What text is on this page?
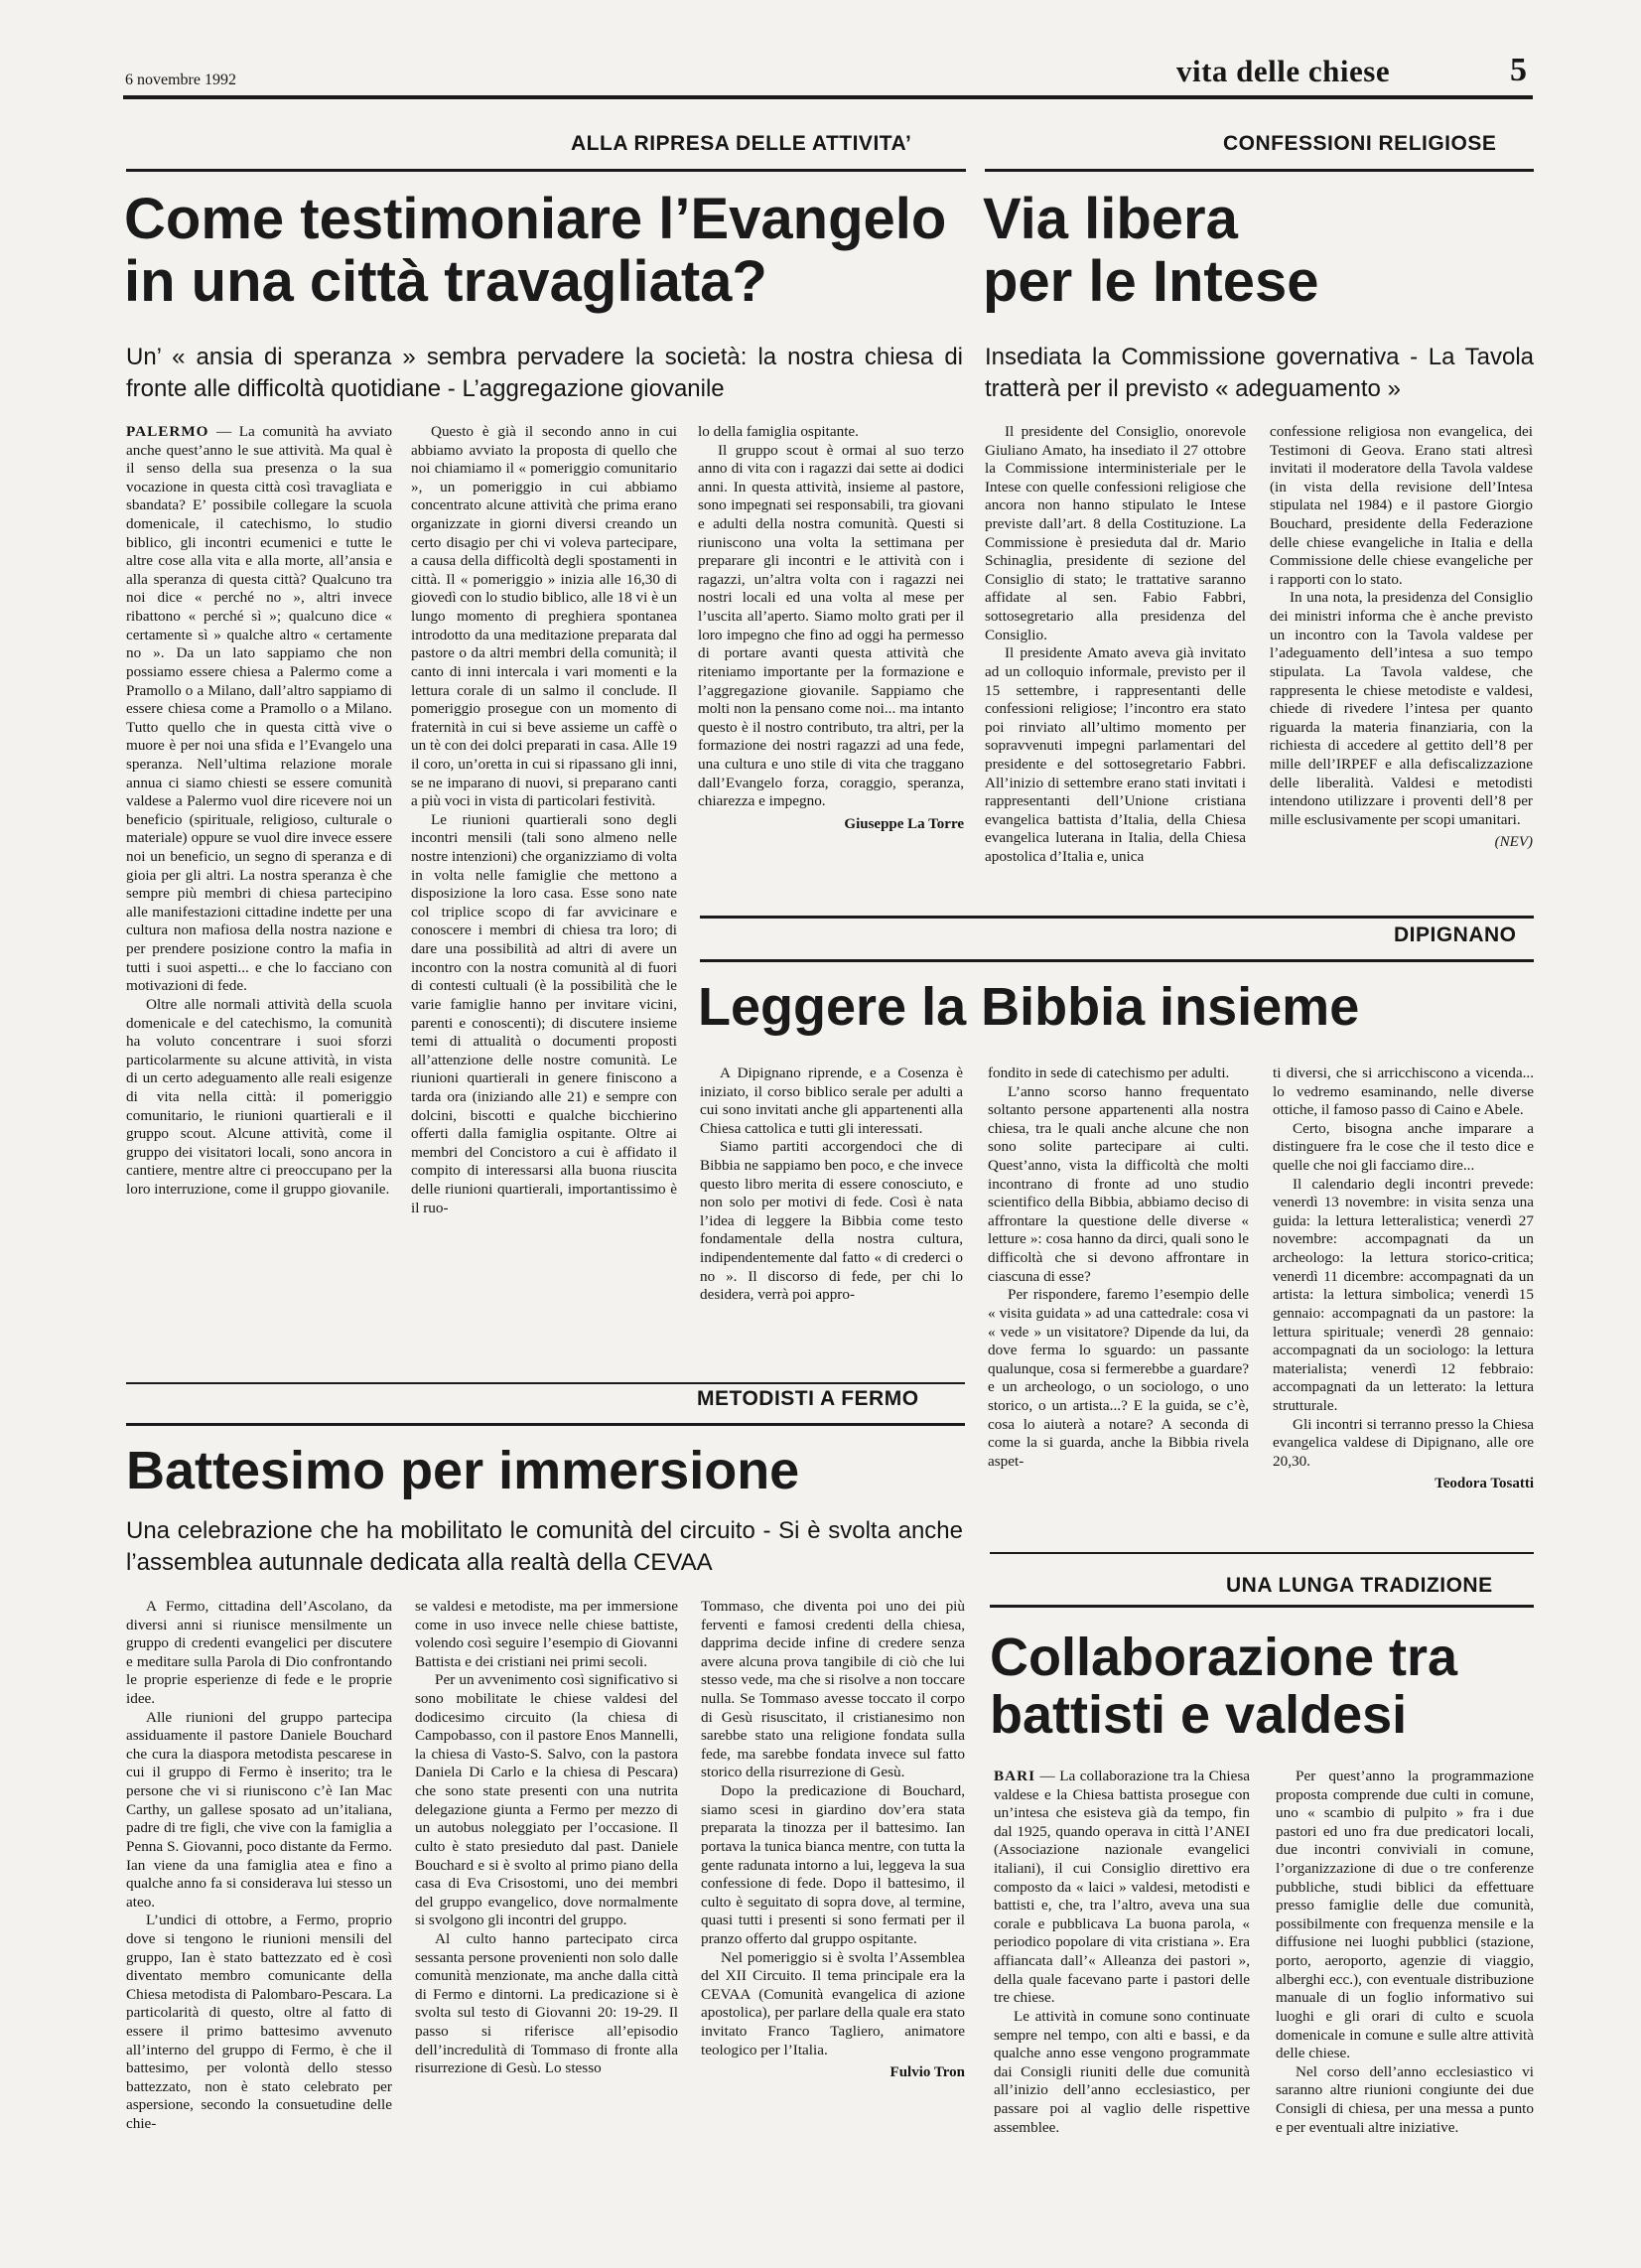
6 novembre 1992	vita delle chiese	5
ALLA RIPRESA DELLE ATTIVITA’
Come testimoniare l’Evangelo
in una città travagliata?
Un’ « ansia di speranza » sembra pervadere la società: la nostra chiesa di fronte alle difficoltà quotidiane - L’aggregazione giovanile

PALERMO — La comunità ha avviato anche quest’anno le sue attività. Ma qual è il senso della sua presenza o la sua vocazione in questa città così travagliata e sbandata? E’ possibile collegare la scuola domenicale, il catechismo, lo studio biblico, gli incontri ecumenici e tutte le altre cose alla vita e alla morte, all’ansia e alla speranza di questa città? Qualcuno tra noi dice « perché no », altri invece ribattono « perché sì »; qualcuno dice « certamente sì » qualche altro « certamente no ». Da un lato sappiamo che non possiamo essere chiesa a Palermo come a Pramollo o a Milano, dall’altro sappiamo di essere chiesa come a Pramollo o a Milano. Tutto quello che in questa città vive o muore è per noi una sfida e l’Evangelo una speranza. Nell’ultima relazione morale annua ci siamo chiesti se essere comunità valdese a Palermo vuol dire ricevere noi un beneficio (spirituale, religioso, culturale o materiale) oppure se vuol dire invece essere noi un beneficio, un segno di speranza e di gioia per gli altri. La nostra speranza è che sempre più membri di chiesa partecipino alle manifestazioni cittadine indette per una cultura non mafiosa della nostra nazione e per prendere posizione contro la mafia in tutti i suoi aspetti... e che lo facciano con motivazioni di fede.

Oltre alle normali attività della scuola domenicale e del catechismo, la comunità ha voluto concentrare i suoi sforzi particolarmente su alcune attività, in vista di un certo adeguamento alle reali esigenze di vita nella città: il pomeriggio comunitario, le riunioni quartierali e il gruppo scout. Alcune attività, come il gruppo dei visitatori locali, sono ancora in cantiere, mentre altre ci preoccupano per la loro interruzione, come il gruppo giovanile.

Questo è già il secondo anno in cui abbiamo avviato la proposta di quello che noi chiamiamo il « pomeriggio comunitario », un pomeriggio in cui abbiamo concentrato alcune attività che prima erano organizzate in giorni diversi creando un certo disagio per chi vi voleva partecipare, a causa della difficoltà degli spostamenti in città. Il « pomeriggio » inizia alle 16,30 di giovedì con lo studio biblico, alle 18 vi è un lungo momento di preghiera spontanea introdotto da una meditazione preparata dal pastore o da altri membri della comunità; il canto di inni intercala i vari momenti e la lettura corale di un salmo il conclude. Il pomeriggio prosegue con un momento di fraternità in cui si beve assieme un caffè o un tè con dei dolci preparati in casa. Alle 19 il coro, un’oretta in cui si ripassano gli inni, se ne imparano di nuovi, si preparano canti a più voci in vista di particolari festività.

Le riunioni quartierali sono degli incontri mensili (tali sono almeno nelle nostre intenzioni) che organizziamo di volta in volta nelle famiglie che mettono a disposizione la loro casa. Esse sono nate col triplice scopo di far avvicinare e conoscere i membri di chiesa tra loro; di dare una possibilità ad altri di avere un incontro con la nostra comunità al di fuori di contesti cultuali (è la possibilità che le varie famiglie hanno per invitare vicini, parenti e conoscenti); di discutere insieme temi di attualità o documenti proposti all’attenzione delle nostre comunità. Le riunioni quartierali in genere finiscono a tarda ora (iniziando alle 21) e sempre con dolcini, biscotti e qualche bicchierino offerti dalla famiglia ospitante. Oltre ai membri del Concistoro a cui è affidato il compito di interessarsi alla buona riuscita delle riunioni quartierali, importantissimo è il ruo-

lo della famiglia ospitante.

Il gruppo scout è ormai al suo terzo anno di vita con i ragazzi dai sette ai dodici anni. In questa attività, insieme al pastore, sono impegnati sei responsabili, tra giovani e adulti della nostra comunità. Questi si riuniscono una volta la settimana per preparare gli incontri e le attività con i ragazzi, un’altra volta con i ragazzi nei nostri locali ed una volta al mese per l’uscita all’aperto. Siamo molto grati per il loro impegno che fino ad oggi ha permesso di portare avanti questa attività che riteniamo importante per la formazione e l’aggregazione giovanile. Sappiamo che molti non la pensano come noi... ma intanto questo è il nostro contributo, tra altri, per la formazione dei nostri ragazzi ad una fede, una cultura e uno stile di vita che traggano dall’Evangelo forza, coraggio, speranza, chiarezza e impegno.

Giuseppe La Torre
CONFESSIONI RELIGIOSE
Via libera
per le Intese
Insediata la Commissione governativa - La Tavola tratterà per il previsto « adeguamento »

Il presidente del Consiglio, onorevole Giuliano Amato, ha insediato il 27 ottobre la Commissione interministeriale per le Intese con quelle confessioni religiose che ancora non hanno stipulato le Intese previste dall’art. 8 della Costituzione. La Commissione è presieduta dal dr. Mario Schinaglia, presidente di sezione del Consiglio di stato; le trattative saranno affidate al sen. Fabio Fabbri, sottosegretario alla presidenza del Consiglio.

Il presidente Amato aveva già invitato ad un colloquio informale, previsto per il 15 settembre, i rappresentanti delle confessioni religiose; l’incontro era stato poi rinviato all’ultimo momento per sopravvenuti impegni parlamentari del presidente e del sottosegretario Fabbri. All’inizio di settembre erano stati invitati i rappresentanti dell’Unione cristiana evangelica battista d’Italia, della Chiesa evangelica luterana in Italia, della Chiesa apostolica d’Italia e, unica

confessione religiosa non evangelica, dei Testimoni di Geova. Erano stati altresì invitati il moderatore della Tavola valdese (in vista della revisione dell’Intesa stipulata nel 1984) e il pastore Giorgio Bouchard, presidente della Federazione delle chiese evangeliche in Italia e della Commissione delle chiese evangeliche per i rapporti con lo stato.

In una nota, la presidenza del Consiglio dei ministri informa che è anche previsto un incontro con la Tavola valdese per l’adeguamento dell’intesa a suo tempo stipulata. La Tavola valdese, che rappresenta le chiese metodiste e valdesi, chiede di rivedere l’intesa per quanto riguarda la materia finanziaria, con la richiesta di accedere al gettito dell’8 per mille dell’IRPEF e alla defiscalizzazione delle liberalità. Valdesi e metodisti intendono utilizzare i proventi dell’8 per mille esclusivamente per scopi umanitari.

(NEV)
DIPIGNANO
Leggere la Bibbia insieme

A Dipignano riprende, e a Cosenza è iniziato, il corso biblico serale per adulti a cui sono invitati anche gli appartenenti alla Chiesa cattolica e tutti gli interessati.

Siamo partiti accorgendoci che di Bibbia ne sappiamo ben poco, e che invece questo libro merita di essere conosciuto, e non solo per motivi di fede. Così è nata l’idea di leggere la Bibbia come testo fondamentale della nostra cultura, indipendentemente dal fatto « di crederci o no ». Il discorso di fede, per chi lo desidera, verrà poi appro-

fondito in sede di catechismo per adulti.

L’anno scorso hanno frequentato soltanto persone appartenenti alla nostra chiesa, tra le quali anche alcune che non sono solite partecipare ai culti. Quest’anno, vista la difficoltà che molti incontrano di fronte ad uno studio scientifico della Bibbia, abbiamo deciso di affrontare la questione delle diverse « letture »: cosa hanno da dirci, quali sono le difficoltà che si devono affrontare in ciascuna di esse?

Per rispondere, faremo l’esempio delle « visita guidata » ad una cattedrale: cosa vi « vede » un visitatore? Dipende da lui, da dove ferma lo sguardo: un passante qualunque, cosa si fermerebbe a guardare? e un archeologo, o un sociologo, o uno storico, o un artista...? E la guida, se c’è, cosa lo aiuterà a notare? A seconda di come la si guarda, anche la Bibbia rivela aspet-

ti diversi, che si arricchiscono a vicenda... lo vedremo esaminando, nelle diverse ottiche, il famoso passo di Caino e Abele.

Certo, bisogna anche imparare a distinguere fra le cose che il testo dice e quelle che noi gli facciamo dire...

Il calendario degli incontri prevede: venerdì 13 novembre: in visita senza una guida: la lettura letteralistica; venerdì 27 novembre: accompagnati da un archeologo: la lettura storico-critica; venerdì 11 dicembre: accompagnati da un artista: la lettura simbolica; venerdì 15 gennaio: accompagnati da un pastore: la lettura spirituale; venerdì 28 gennaio: accompagnati da un sociologo: la lettura materialista; venerdì 12 febbraio: accompagnati da un letterato: la lettura strutturale.

Gli incontri si terranno presso la Chiesa evangelica valdese di Dipignano, alle ore 20,30.

Teodora Tosatti
METODISTI A FERMO
Battesimo per immersione
Una celebrazione che ha mobilitato le comunità del circuito - Si è svolta anche l’assemblea autunnale dedicata alla realtà della CEVAA

A Fermo, cittadina dell’Ascolano, da diversi anni si riunisce mensilmente un gruppo di credenti evangelici per discutere e meditare sulla Parola di Dio confrontando le proprie esperienze di fede e le proprie idee.

Alle riunioni del gruppo partecipa assiduamente il pastore Daniele Bouchard che cura la diaspora metodista pescarese in cui il gruppo di Fermo è inserito; tra le persone che vi si riuniscono c’è Ian Mac Carthy, un gallese sposato ad un’italiana, padre di tre figli, che vive con la famiglia a Penna S. Giovanni, poco distante da Fermo. Ian viene da una famiglia atea e fino a qualche anno fa si considerava lui stesso un ateo.

L’undici di ottobre, a Fermo, proprio dove si tengono le riunioni mensili del gruppo, Ian è stato battezzato ed è così diventato membro comunicante della Chiesa metodista di Palombaro-Pescara. La particolarità di questo, oltre al fatto di essere il primo battesimo avvenuto all’interno del gruppo di Fermo, è che il battesimo, per volontà dello stesso battezzato, non è stato celebrato per aspersione, secondo la consuetudine delle chie-

se valdesi e metodiste, ma per immersione come in uso invece nelle chiese battiste, volendo così seguire l’esempio di Giovanni Battista e dei cristiani nei primi secoli.

Per un avvenimento così significativo si sono mobilitate le chiese valdesi del dodicesimo circuito (la chiesa di Campobasso, con il pastore Enos Mannelli, la chiesa di Vasto-S. Salvo, con la pastora Daniela Di Carlo e la chiesa di Pescara) che sono state presenti con una nutrita delegazione giunta a Fermo per mezzo di un autobus noleggiato per l’occasione. Il culto è stato presieduto dal past. Daniele Bouchard e si è svolto al primo piano della casa di Eva Crisostomi, uno dei membri del gruppo evangelico, dove normalmente si svolgono gli incontri del gruppo.

Al culto hanno partecipato circa sessanta persone provenienti non solo dalle comunità menzionate, ma anche dalla città di Fermo e dintorni. La predicazione si è svolta sul testo di Giovanni 20: 19-29. Il passo si riferisce all’episodio dell’incredulità di Tommaso di fronte alla risurrezione di Gesù. Lo stesso

Tommaso, che diventa poi uno dei più ferventi e famosi credenti della chiesa, dapprima decide infine di credere senza avere alcuna prova tangibile di ciò che lui stesso vede, ma che si risolve a non toccare nulla. Se Tommaso avesse toccato il corpo di Gesù risuscitato, il cristianesimo non sarebbe stato una religione fondata sulla fede, ma sarebbe fondata invece sul fatto storico della risurrezione di Gesù.

Dopo la predicazione di Bouchard, siamo scesi in giardino dov’era stata preparata la tinozza per il battesimo. Ian portava la tunica bianca mentre, con tutta la gente radunata intorno a lui, leggeva la sua confessione di fede. Dopo il battesimo, il culto è seguitato di sopra dove, al termine, quasi tutti i presenti si sono fermati per il pranzo offerto dal gruppo ospitante.

Nel pomeriggio si è svolta l’Assemblea del XII Circuito. Il tema principale era la CEVAA (Comunità evangelica di azione apostolica), per parlare della quale era stato invitato Franco Tagliero, animatore teologico per l’Italia.

Fulvio Tron
UNA LUNGA TRADIZIONE
Collaborazione tra
battisti e valdesi

BARI — La collaborazione tra la Chiesa valdese e la Chiesa battista prosegue con un’intesa che esisteva già da tempo, fin dal 1925, quando operava in città l’ANEI (Associazione nazionale evangelici italiani), il cui Consiglio direttivo era composto da « laici » valdesi, metodisti e battisti e, che, tra l’altro, aveva una sua corale e pubblicava La buona parola, « periodico popolare di vita cristiana ». Era affiancata dall’« Alleanza dei pastori », della quale facevano parte i pastori delle tre chiese.

Le attività in comune sono continuate sempre nel tempo, con alti e bassi, e da qualche anno esse vengono programmate dai Consigli riuniti delle due comunità all’inizio dell’anno ecclesiastico, per passare poi al vaglio delle rispettive assemblee.

Per quest’anno la programmazione proposta comprende due culti in comune, uno « scambio di pulpito » fra i due pastori ed uno fra due predicatori locali, due incontri conviviali in comune, l’organizzazione di due o tre conferenze pubbliche, studi biblici da effettuare presso famiglie delle due comunità, possibilmente con frequenza mensile e la diffusione nei luoghi pubblici (stazione, porto, aeroporto, agenzie di viaggio, alberghi ecc.), con eventuale distribuzione manuale di un foglio informativo sui luoghi e gli orari di culto e scuola domenicale in comune e sulle altre attività delle chiese.

Nel corso dell’anno ecclesiastico vi saranno altre riunioni congiunte dei due Consigli di chiesa, per una messa a punto e per eventuali altre iniziative.
